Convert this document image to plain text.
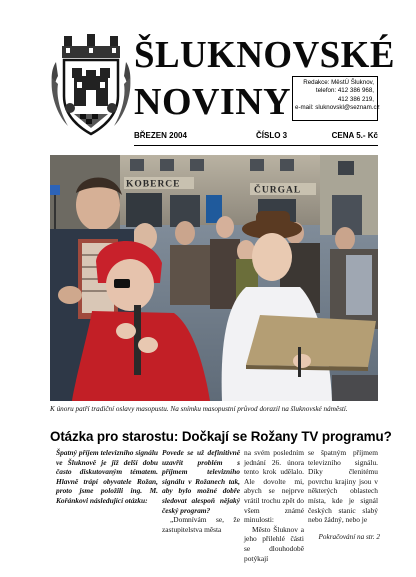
ŠLUKNOVSKÉ
NOVINY	Redakce: MěstÚ Šluknov,
telefon: 412 386 968,
412 386 219,
e-mail: sluknovskl@seznam.cz
BŘEZEN 2004	ČÍSLO 3	CENA 5.- Kč
KOBERCE
ČURGAL
K únoru patří tradiční oslavy masopustu. Na snímku masopustní průvod dorazil na šluknovské náměstí.
Otázka pro starostu: Dočkají se Rožany TV programu?

Špatný příjem televizního signálu ve Šluknově je již delší dobu často diskutovaným tématem. Hlavně trápí obyvatele Rožan, proto jsme položili ing. M. Kořánkovi následující otázku:

Povede se už definitivně uzavřít problém s příjmem televizního signálu v Rožanech tak, aby bylo možné dobře sledovat alespoň nějaký český program?

„Domnívám se, že zastupitelstva města

na svém posledním jednání 26. února tento krok udělalo. Ale dovolte mi, abych se nejprve vrátil trochu zpět do všem známé minulosti:

Město Šluknov a jeho přilehlé části se dlouhodobě potýkají

se špatným příjmem televizního signálu. Díky členitému povrchu krajiny jsou v některých oblastech místa, kde je signál českých stanic slabý nebo žádný, nebo je

Pokračování na str. 2
